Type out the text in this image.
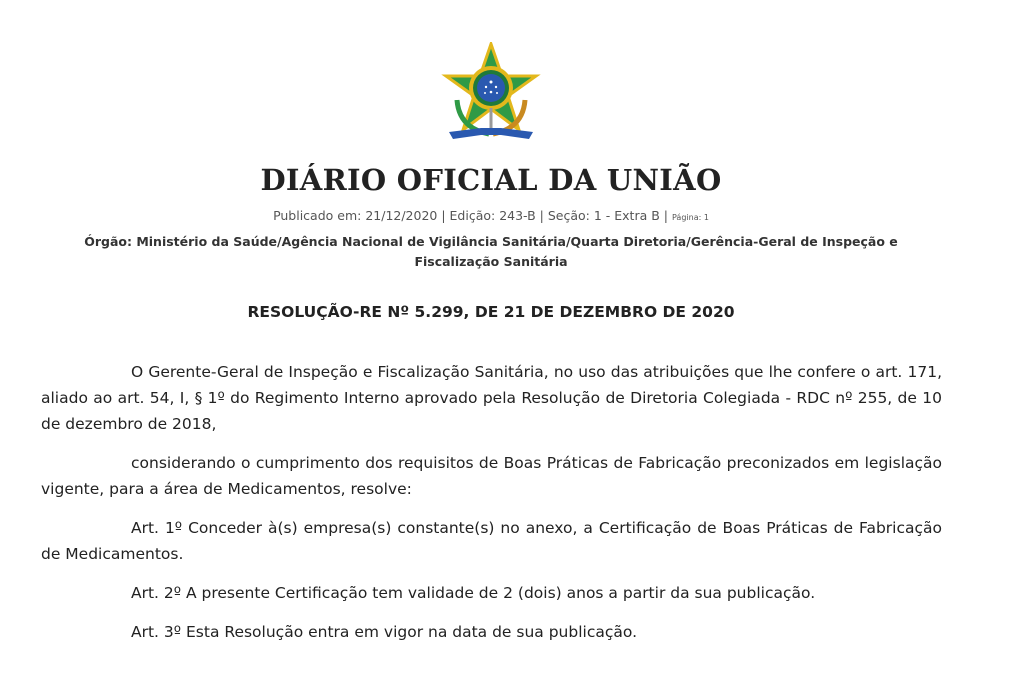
DIÁRIO OFICIAL DA UNIÃO
Publicado em: 21/12/2020 | Edição: 243-B | Seção: 1 - Extra B | Página: 1
Órgão: Ministério da Saúde/Agência Nacional de Vigilância Sanitária/Quarta Diretoria/Gerência-Geral de Inspeção e Fiscalização Sanitária
RESOLUÇÃO-RE Nº 5.299, DE 21 DE DEZEMBRO DE 2020

O Gerente-Geral de Inspeção e Fiscalização Sanitária, no uso das atribuições que lhe confere o art. 171, aliado ao art. 54, I, § 1º do Regimento Interno aprovado pela Resolução de Diretoria Colegiada - RDC nº 255, de 10 de dezembro de 2018,

considerando o cumprimento dos requisitos de Boas Práticas de Fabricação preconizados em legislação vigente, para a área de Medicamentos, resolve:

Art. 1º Conceder à(s) empresa(s) constante(s) no anexo, a Certificação de Boas Práticas de Fabricação de Medicamentos.

Art. 2º A presente Certificação tem validade de 2 (dois) anos a partir da sua publicação.

Art. 3º Esta Resolução entra em vigor na data de sua publicação.
